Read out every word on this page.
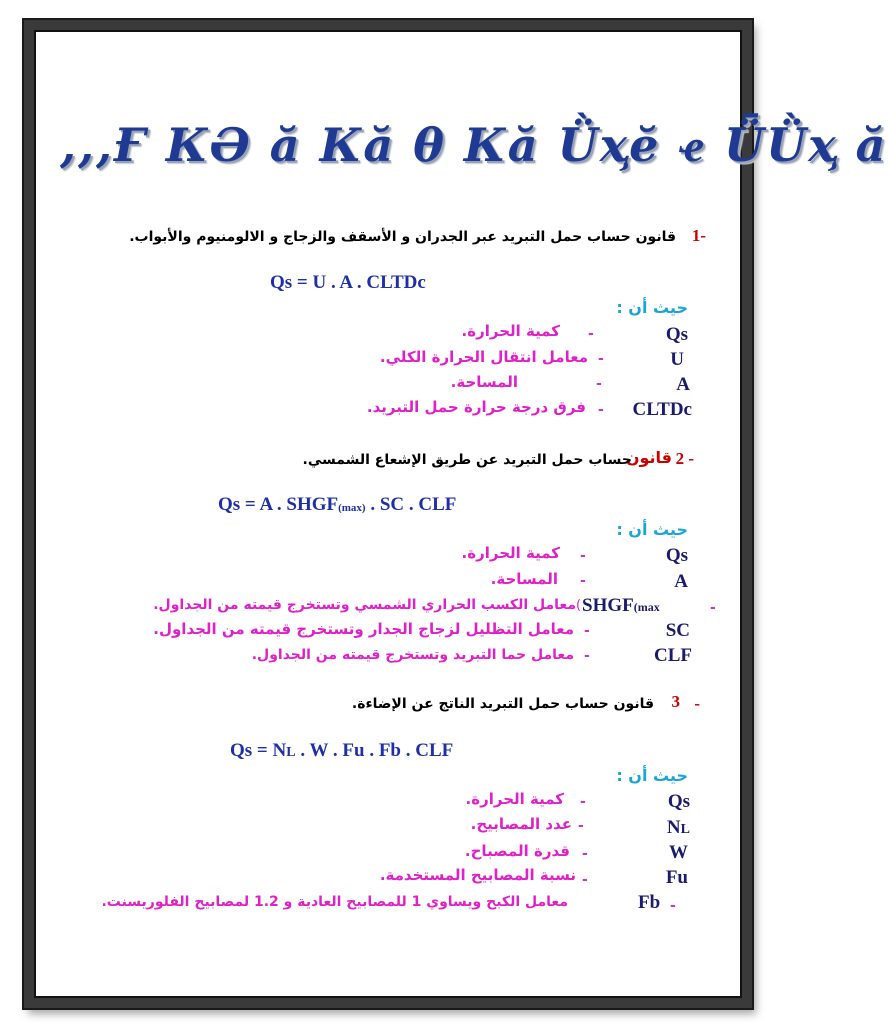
,,,Ғ КӘ ӑ Кӑ θ Кӑ Ǜҳӗ ҽ ǕǛҳ ӑ
1-
قانون حساب حمل التبريد عبر الجدران و الأسقف والزجاج و الالومنيوم والأبواب.
Qs = U . A . CLTDc
حيث أن :
Qs
-
كمية الحرارة.
U
-
معامل انتقال الحرارة الكلي.
A
-
المساحة.
CLTDc
-
فرق درجة حرارة حمل التبريد.
2 -
قانون
حساب حمل التبريد عن طريق الإشعاع الشمسي.
Qs = A . $SHGF_{(max)}$ . SC . CLF
حيث أن :
Qs
-
كمية الحرارة.
A
-
المساحة.
-
SHGF(max
(
معامل الكسب الحراري الشمسي وتستخرج قيمته من الجداول.
SC
-
معامل التظليل لزجاج الجدار وتستخرج قيمته من الجداول.
CLF
-
معامل حما التبريد وتستخرج قيمته من الجداول.
-
3
قانون حساب حمل التبريد الناتج عن الإضاءة.
Qs = NL . W . Fu . Fb . CLF
حيث أن :
Qs
-
كمية الحرارة.
NL
-
عدد المصابيح.
W
-
قدرة المصباح.
Fu
-
نسبة المصابيح المستخدمة.
-
Fb
معامل الكبح ويساوي 1 للمصابيح العادية و 1.2 لمصابيح الفلوريسنت.
